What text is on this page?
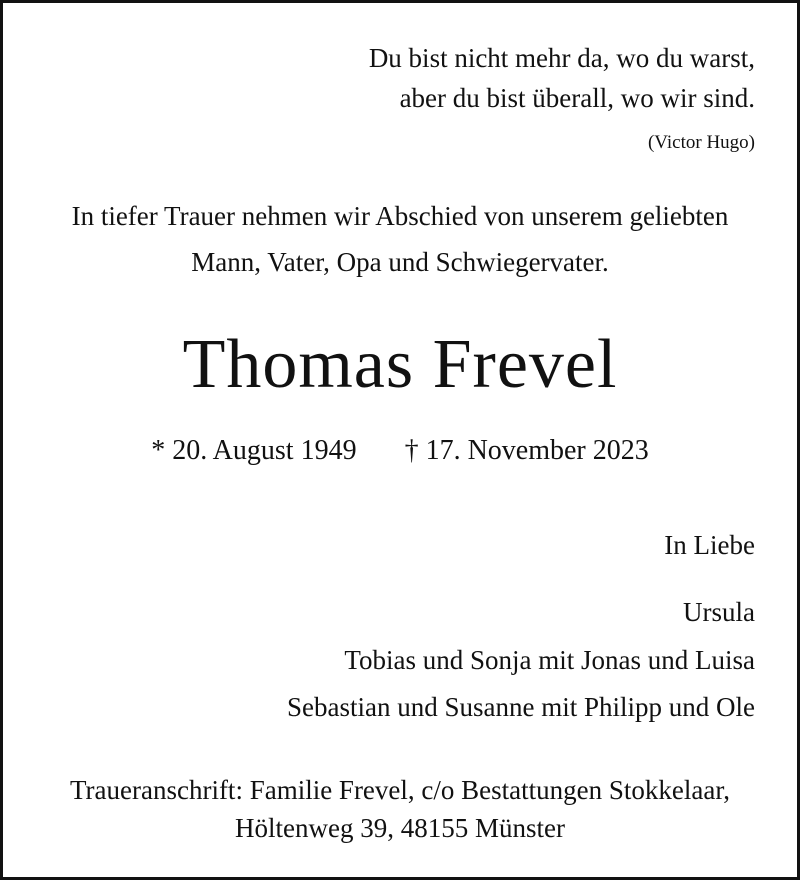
Du bist nicht mehr da, wo du warst,
aber du bist überall, wo wir sind.
(Victor Hugo)
In tiefer Trauer nehmen wir Abschied von unserem geliebten
Mann, Vater, Opa und Schwiegervater.
Thomas Frevel
* 20. August 1949 † 17. November 2023
In Liebe
Ursula
Tobias und Sonja mit Jonas und Luisa
Sebastian und Susanne mit Philipp und Ole
Traueranschrift: Familie Frevel, c/o Bestattungen Stokkelaar,
Höltenweg 39, 48155 Münster
